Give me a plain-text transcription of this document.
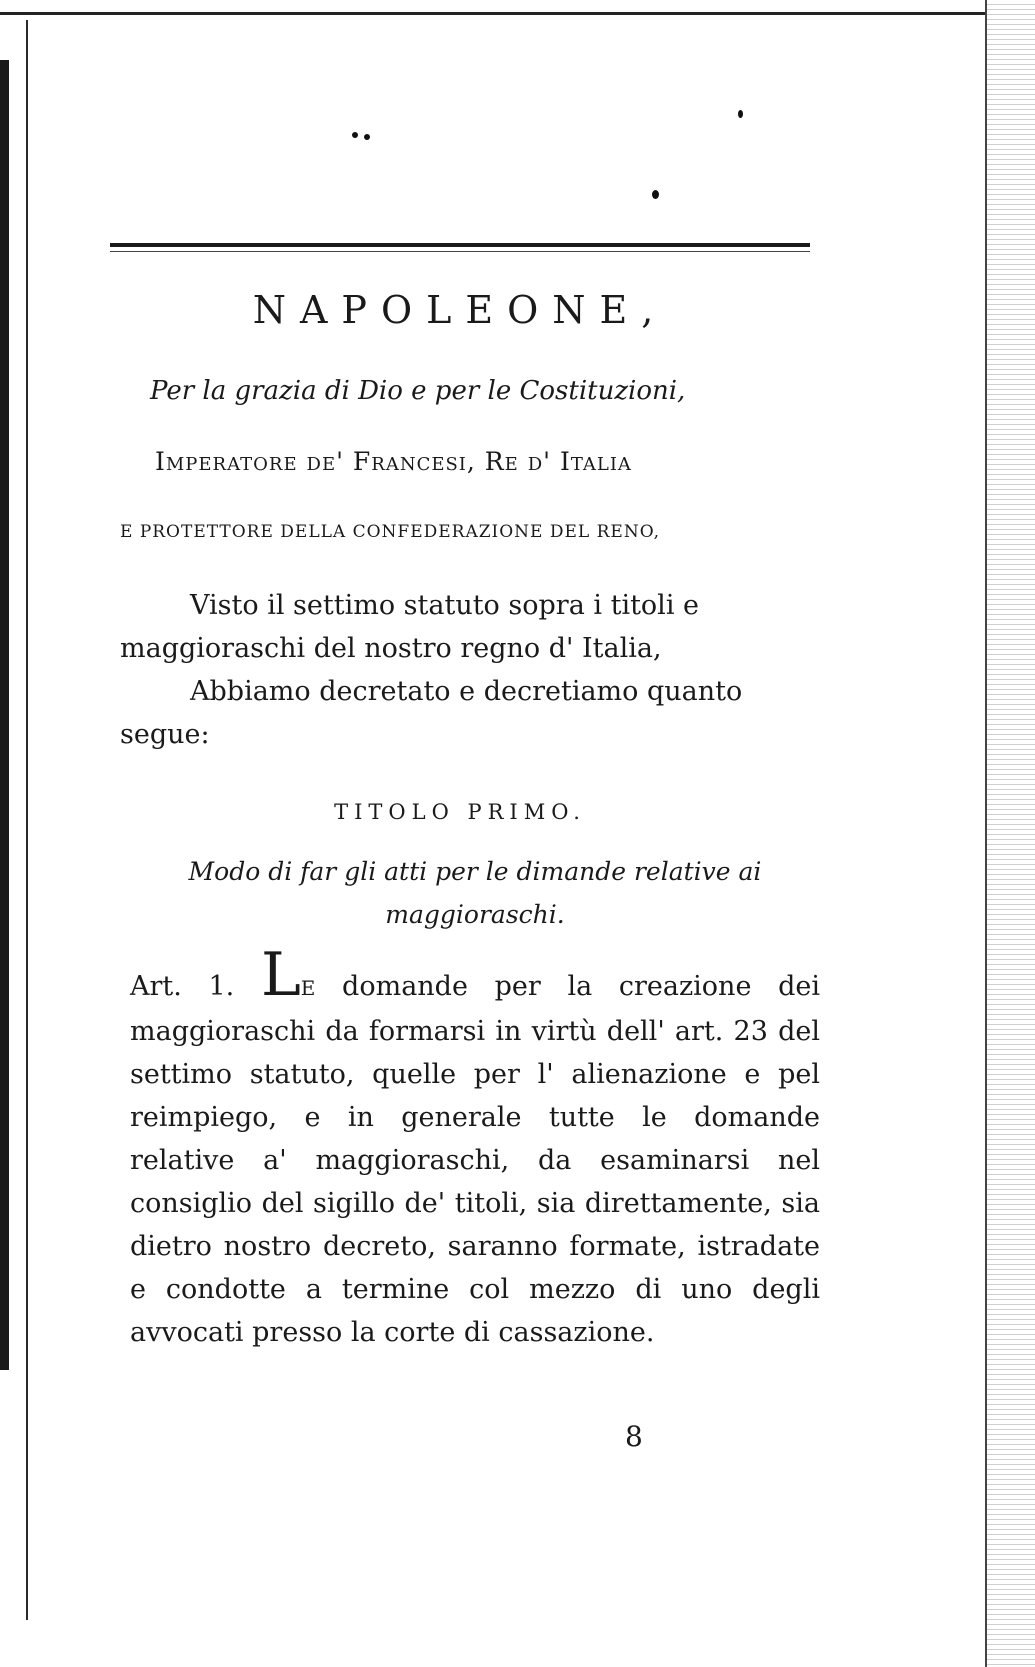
NAPOLEONE,
Per la grazia di Dio e per le Costituzioni,
Imperatore de' Francesi, Re d' Italia
E PROTETTORE DELLA CONFEDERAZIONE DEL RENO,
Visto il settimo statuto sopra i titoli e maggioraschi del nostro regno d' Italia,
Abbiamo decretato e decretiamo quanto segue:
TITOLO PRIMO.
Modo di far gli atti per le dimande relative ai maggioraschi.
Art. 1. LE domande per la creazione dei maggioraschi da formarsi in virtù dell' art. 23 del settimo statuto, quelle per l' alienazione e pel reimpiego, e in generale tutte le domande relative a' maggioraschi, da esaminarsi nel consiglio del sigillo de' titoli, sia direttamente, sia dietro nostro decreto, saranno formate, istradate e condotte a termine col mezzo di uno degli avvocati presso la corte di cassazione.
8
